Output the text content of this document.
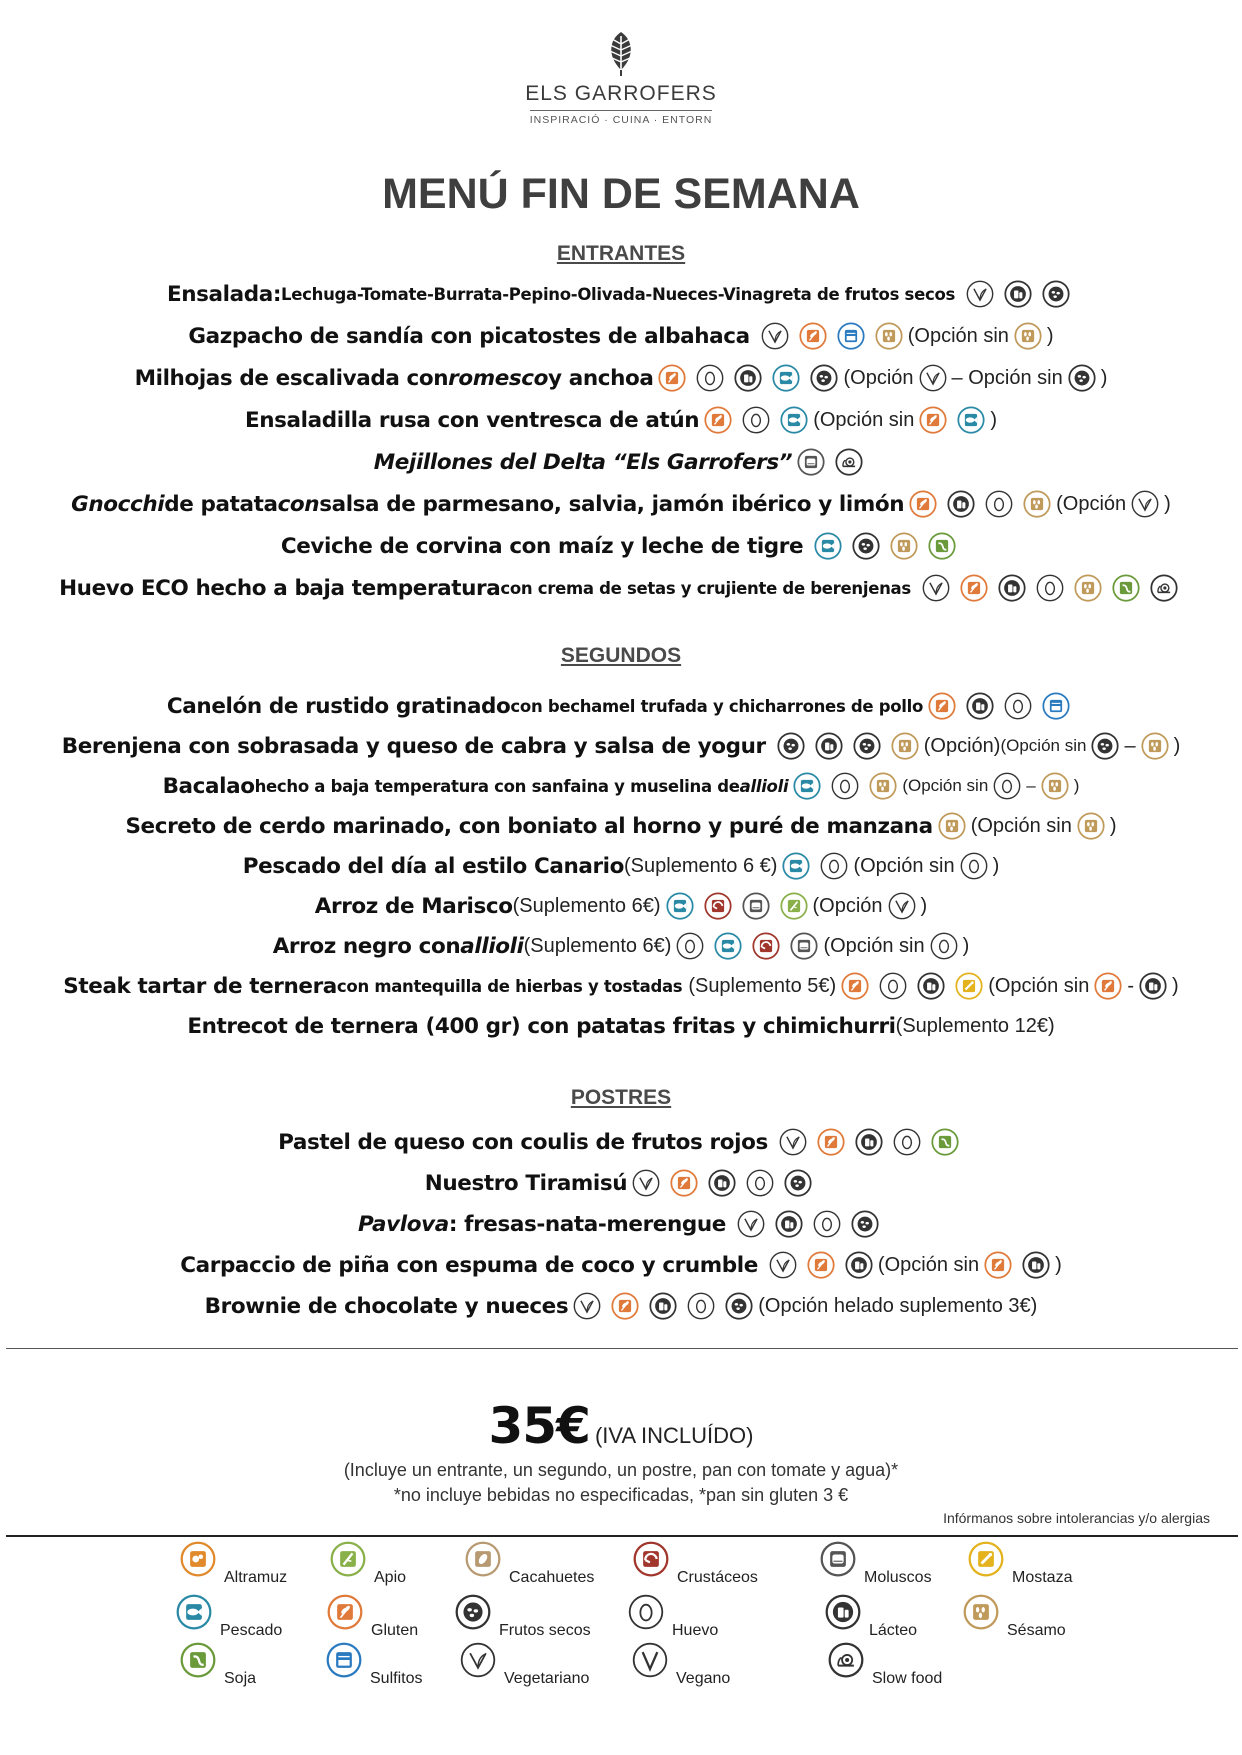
ELS GARROFERS
INSPIRACIÓ · CUINA · ENTORN
MENÚ FIN DE SEMANA
ENTRANTES
Ensalada: Lechuga-Tomate-Burrata-Pepino-Olivada-Nueces-Vinagreta de frutos secos
Gazpacho de sandía con picatostes de albahaca	(Opción sin )
Milhojas de escalivada con romesco y anchoa	(Opción – Opción sin )
Ensaladilla rusa con ventresca de atún	(Opción sin	)
Mejillones del Delta “Els Garrofers”
Gnocchi de patata con salsa de parmesano, salvia, jamón ibérico y limón	(Opción )
Ceviche de corvina con maíz y leche de tigre
Huevo ECO hecho a baja temperatura con crema de setas y crujiente de berenjenas
SEGUNDOS
Canelón de rustido gratinado con bechamel trufada y chicharrones de pollo
Berenjena con sobrasada y queso de cabra y salsa de yogur	(Opción) (Opción sin – )
Bacalao hecho a baja temperatura con sanfaina y muselina de allioli	(Opción sin – )
Secreto de cerdo marinado, con boniato al horno y puré de manzana (Opción sin )
Pescado del día al estilo Canario (Suplemento 6 €)	(Opción sin )
Arroz de Marisco (Suplemento 6€)	(Opción )
Arroz negro con allioli (Suplemento 6€)	(Opción sin )
Steak tartar de ternera con mantequilla de hierbas y tostadas (Suplemento 5€)	(Opción sin - )
Entrecot de ternera (400 gr) con patatas fritas y chimichurri (Suplemento 12€)
POSTRES
Pastel de queso con coulis de frutos rojos
Nuestro Tiramisú
Pavlova : fresas-nata-merengue
Carpaccio de piña con espuma de coco y crumble	(Opción sin	)
Brownie de chocolate y nueces	(Opción helado suplemento 3€)
35€ (IVA INCLUÍDO)
(Incluye un entrante, un segundo, un postre, pan con tomate y agua)*
*no incluye bebidas no especificadas, *pan sin gluten 3 €
Infórmanos sobre intolerancias y/o alergias
Altramuz	Apio	Cacahuetes	Crustáceos	Moluscos	Mostaza
Pescado	Gluten	Frutos secos	Huevo	Lácteo	Sésamo
Soja	Sulfitos	Vegetariano	Vegano	Slow food
